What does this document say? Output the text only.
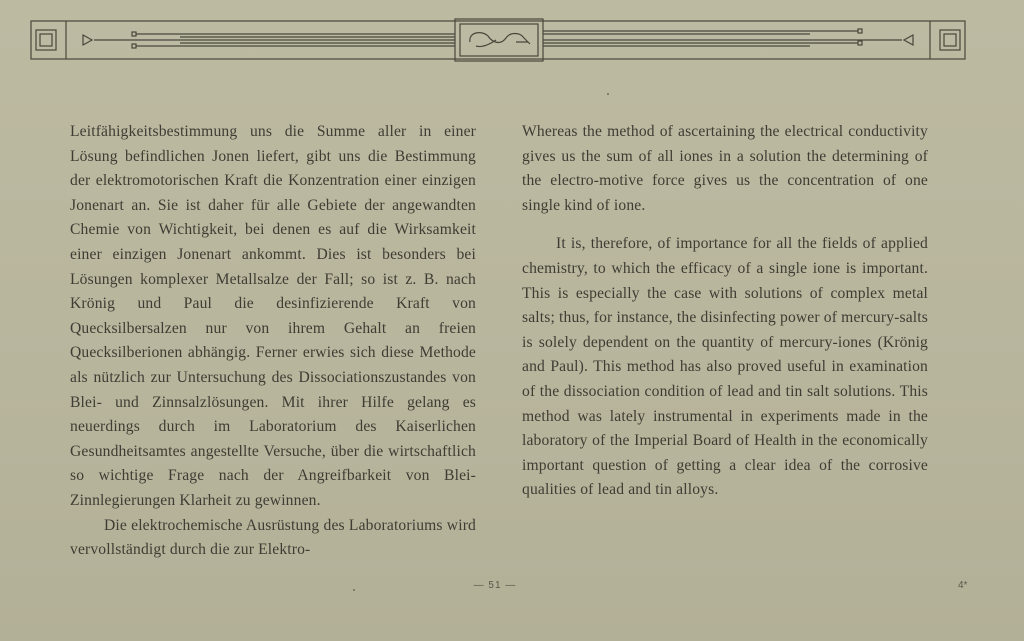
Leitfähigkeitsbestimmung uns die Summe aller in einer Lösung befindlichen Jonen liefert, gibt uns die Bestimmung der elektromotorischen Kraft die Konzentration einer einzigen Jonenart an. Sie ist daher für alle Gebiete der angewandten Chemie von Wichtigkeit, bei denen es auf die Wirksamkeit einer einzigen Jonenart ankommt. Dies ist besonders bei Lösungen komplexer Metallsalze der Fall; so ist z. B. nach Krönig und Paul die desinfizierende Kraft von Quecksilbersalzen nur von ihrem Gehalt an freien Quecksilberionen abhängig. Ferner erwies sich diese Methode als nützlich zur Untersuchung des Dissociationszustandes von Blei- und Zinnsalzlösungen. Mit ihrer Hilfe gelang es neuerdings durch im Laboratorium des Kaiserlichen Gesundheitsamtes angestellte Versuche, über die wirtschaftlich so wichtige Frage nach der Angreifbarkeit von Blei-Zinnlegierungen Klarheit zu gewinnen.

Die elektrochemische Ausrüstung des Laboratoriums wird vervollständigt durch die zur Elektro-

Whereas the method of ascertaining the electrical conductivity gives us the sum of all iones in a solution the determining of the electro-motive force gives us the concentration of one single kind of ione.

It is, therefore, of importance for all the fields of applied chemistry, to which the efficacy of a single ione is important. This is especially the case with solutions of complex metal salts; thus, for instance, the disinfecting power of mercury-salts is solely dependent on the quantity of mercury-iones (Krönig and Paul). This method has also proved useful in examination of the dissociation condition of lead and tin salt solutions. This method was lately instrumental in experiments made in the laboratory of the Imperial Board of Health in the economically important question of getting a clear idea of the corrosive qualities of lead and tin alloys.

— 51 —	4*
